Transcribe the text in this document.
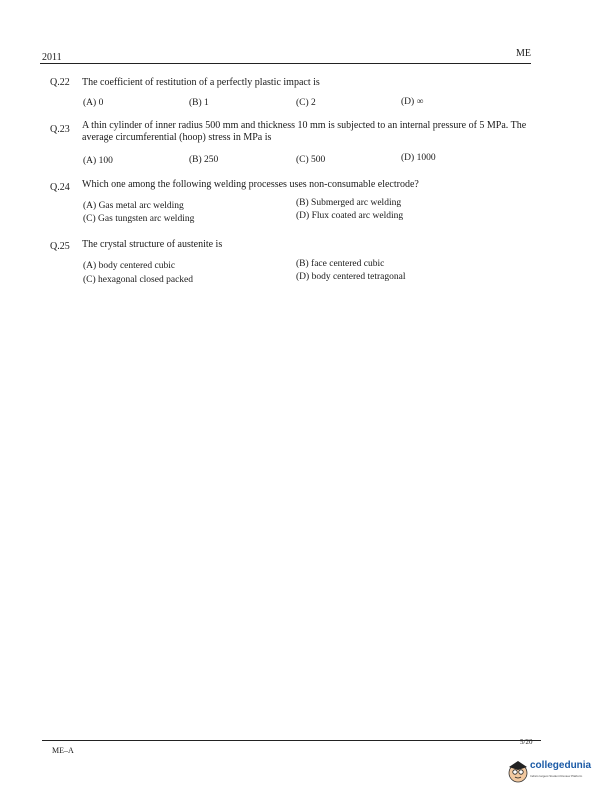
2011	ME
Q.22 The coefficient of restitution of a perfectly plastic impact is
(A) 0	(B) 1	(C) 2	(D) ∞
Q.23 A thin cylinder of inner radius 500 mm and thickness 10 mm is subjected to an internal pressure of 5 MPa. The average circumferential (hoop) stress in MPa is
(A) 100	(B) 250	(C) 500	(D) 1000
Q.24 Which one among the following welding processes uses non-consumable electrode?
(A) Gas metal arc welding	(B) Submerged arc welding
(C) Gas tungsten arc welding	(D) Flux coated arc welding
Q.25 The crystal structure of austenite is
(A) body centered cubic	(B) face centered cubic
(C) hexagonal closed packed	(D) body centered tetragonal
5/20
ME–A
collegedunia
India's largest Student Review Platform
